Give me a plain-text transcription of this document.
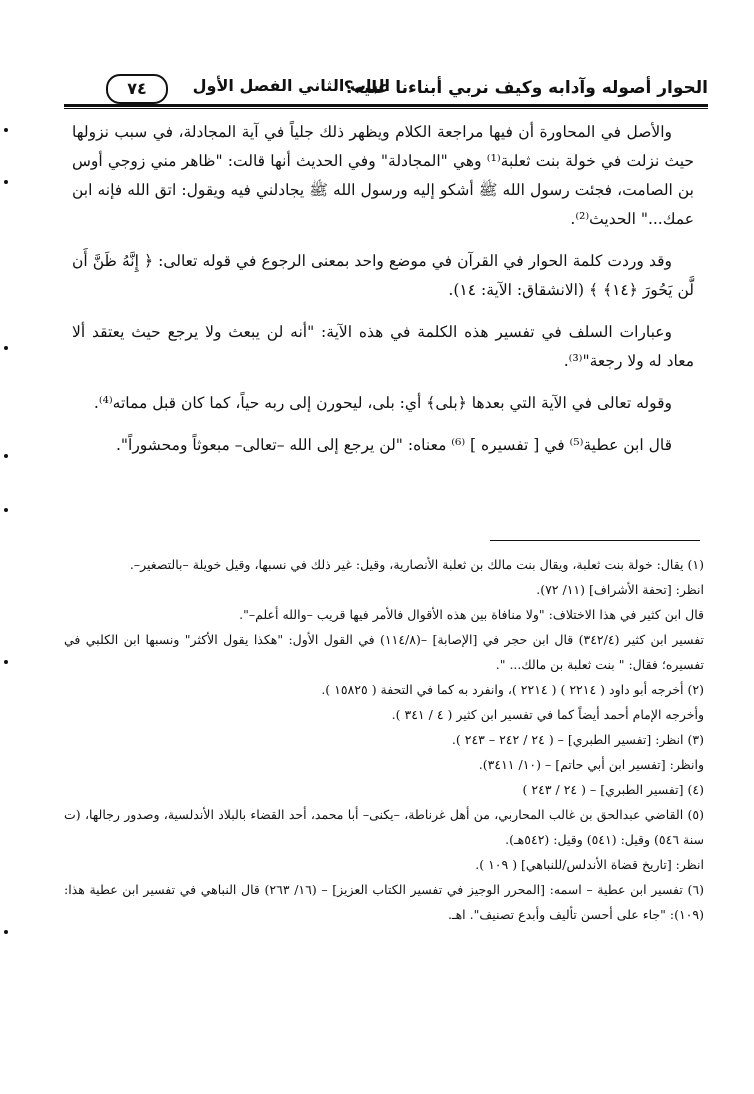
الحوار أصوله وآدابه وكيف نربي أبناءنا عليه؟
الباب الثاني الفصل الأول
٧٤

والأصل في المحاورة أن فيها مراجعة الكلام ويظهر ذلك جلياً في آية المجادلة، في سبب نزولها حيث نزلت في خولة بنت ثعلبة⁽¹⁾ وهي "المجادلة" وفي الحديث أنها قالت: "ظاهر مني زوجي أوس بن الصامت، فجئت رسول الله ﷺ أشكو إليه ورسول الله ﷺ يجادلني فيه ويقول: اتق الله فإنه ابن عمك..." الحديث⁽²⁾.

وقد وردت كلمة الحوار في القرآن في موضع واحد بمعنى الرجوع في قوله تعالى: ﴿ إِنَّهُ ظَنَّ أَن لَّن يَحُورَ ﴿١٤﴾ ﴾ (الانشقاق: الآية: ١٤).

وعبارات السلف في تفسير هذه الكلمة في هذه الآية: "أنه لن يبعث ولا يرجع حيث يعتقد ألا معاد له ولا رجعة"⁽³⁾.

وقوله تعالى في الآية التي بعدها ﴿بلى﴾ أي: بلى، ليحورن إلى ربه حياً، كما كان قبل مماته⁽⁴⁾.

قال ابن عطية⁽⁵⁾ في [ تفسيره ] ⁽⁶⁾ معناه: "لن يرجع إلى الله –تعالى– مبعوثاً ومحشوراً".

(١) يقال: خولة بنت ثعلبة، ويقال بنت مالك بن ثعلبة الأنصارية، وقيل: غير ذلك في نسبها، وقيل خويلة –بالتصغير–.
انظر: [تحفة الأشراف] (١١/ ٧٢).
قال ابن كثير في هذا الاختلاف: "ولا منافاة بين هذه الأقوال فالأمر فيها قريب –والله أعلم–".
تفسير ابن كثير (٣٤٢/٤) قال ابن حجر في [الإصابة] –(١١٤/٨) في القول الأول: "هكذا يقول الأكثر" ونسبها ابن الكلبي في تفسيره؛ فقال: " بنت ثعلبة بن مالك... ".
(٢) أخرجه أبو داود ( ٢٢١٤ ) ( ٢٢١٤ )، وانفرد به كما في التحفة ( ١٥٨٢٥ ).
وأخرجه الإمام أحمد أيضاً كما في تفسير ابن كثير ( ٤ / ٣٤١ ).
(٣) انظر: [تفسير الطبري] – ( ٢٤ / ٢٤٢ – ٢٤٣ ).
وانظر: [تفسير ابن أبي حاتم] – (١٠/ ٣٤١١).
(٤) [تفسير الطبري] – ( ٢٤ / ٢٤٣ )
(٥) القاضي عبدالحق بن غالب المحاربي، من أهل غرناطة، –يكنى– أبا محمد، أحد القضاء بالبلاد الأندلسية، وصدور رجالها، (ت سنة ٥٤٦) وقيل: (٥٤١) وقيل: (٥٤٢هـ).
انظر: [تاريخ قضاة الأندلس/للنباهي] ( ١٠٩ ).
(٦) تفسير ابن عطية – اسمه: [المحرر الوجيز في تفسير الكتاب العزيز] – (١٦/ ٢٦٣) قال النباهي في تفسير ابن عطية هذا: (١٠٩): "جاء على أحسن تأليف وأبدع تصنيف". اهـ.
